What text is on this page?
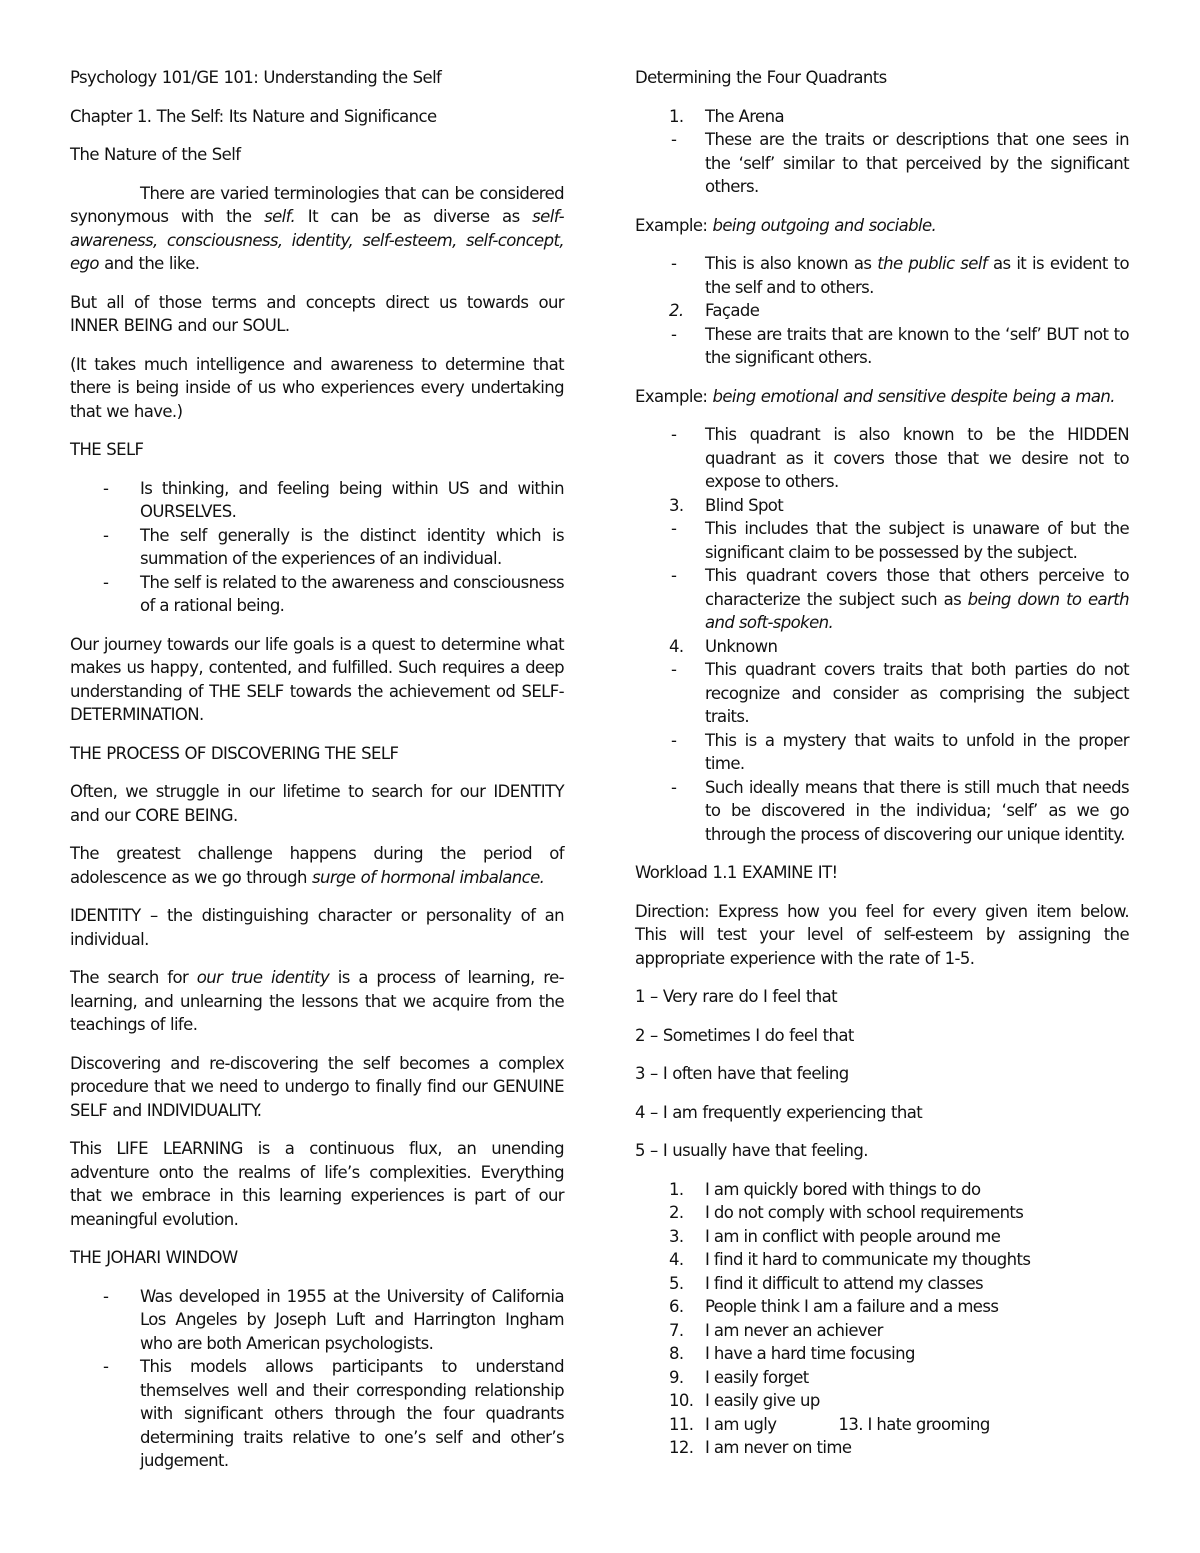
Psychology 101/GE 101: Understanding the Self

Chapter 1. The Self: Its Nature and Significance

The Nature of the Self

There are varied terminologies that can be considered synonymous with the self. It can be as diverse as self-awareness, consciousness, identity, self-esteem, self-concept, ego and the like.

But all of those terms and concepts direct us towards our INNER BEING and our SOUL.

(It takes much intelligence and awareness to determine that there is being inside of us who experiences every undertaking that we have.)

THE SELF

- Is thinking, and feeling being within US and within OURSELVES.
- The self generally is the distinct identity which is summation of the experiences of an individual.
- The self is related to the awareness and consciousness of a rational being.

Our journey towards our life goals is a quest to determine what makes us happy, contented, and fulfilled. Such requires a deep understanding of THE SELF towards the achievement od SELF-DETERMINATION.

THE PROCESS OF DISCOVERING THE SELF

Often, we struggle in our lifetime to search for our IDENTITY and our CORE BEING.

The greatest challenge happens during the period of adolescence as we go through surge of hormonal imbalance.

IDENTITY – the distinguishing character or personality of an individual.

The search for our true identity is a process of learning, re-learning, and unlearning the lessons that we acquire from the teachings of life.

Discovering and re-discovering the self becomes a complex procedure that we need to undergo to finally find our GENUINE SELF and INDIVIDUALITY.

This LIFE LEARNING is a continuous flux, an unending adventure onto the realms of life’s complexities. Everything that we embrace in this learning experiences is part of our meaningful evolution.

THE JOHARI WINDOW

- Was developed in 1955 at the University of California Los Angeles by Joseph Luft and Harrington Ingham who are both American psychologists.
- This models allows participants to understand themselves well and their corresponding relationship with significant others through the four quadrants determining traits relative to one’s self and other’s judgement.

Determining the Four Quadrants

1. The Arena
- These are the traits or descriptions that one sees in the ‘self’ similar to that perceived by the significant others.

Example: being outgoing and sociable.

- This is also known as the public self as it is evident to the self and to others.
2. Façade
- These are traits that are known to the ‘self’ BUT not to the significant others.

Example: being emotional and sensitive despite being a man.

- This quadrant is also known to be the HIDDEN quadrant as it covers those that we desire not to expose to others.
3. Blind Spot
- This includes that the subject is unaware of but the significant claim to be possessed by the subject.
- This quadrant covers those that others perceive to characterize the subject such as being down to earth and soft-spoken.
4. Unknown
- This quadrant covers traits that both parties do not recognize and consider as comprising the subject traits.
- This is a mystery that waits to unfold in the proper time.
- Such ideally means that there is still much that needs to be discovered in the individua; ‘self’ as we go through the process of discovering our unique identity.

Workload 1.1 EXAMINE IT!

Direction: Express how you feel for every given item below. This will test your level of self-esteem by assigning the appropriate experience with the rate of 1-5.

1 – Very rare do I feel that

2 – Sometimes I do feel that

3 – I often have that feeling

4 – I am frequently experiencing that

5 – I usually have that feeling.

1. I am quickly bored with things to do
2. I do not comply with school requirements
3. I am in conflict with people around me
4. I find it hard to communicate my thoughts
5. I find it difficult to attend my classes
6. People think I am a failure and a mess
7. I am never an achiever
8. I have a hard time focusing
9. I easily forget
10. I easily give up
11. I am ugly	13. I hate grooming
12. I am never on time
